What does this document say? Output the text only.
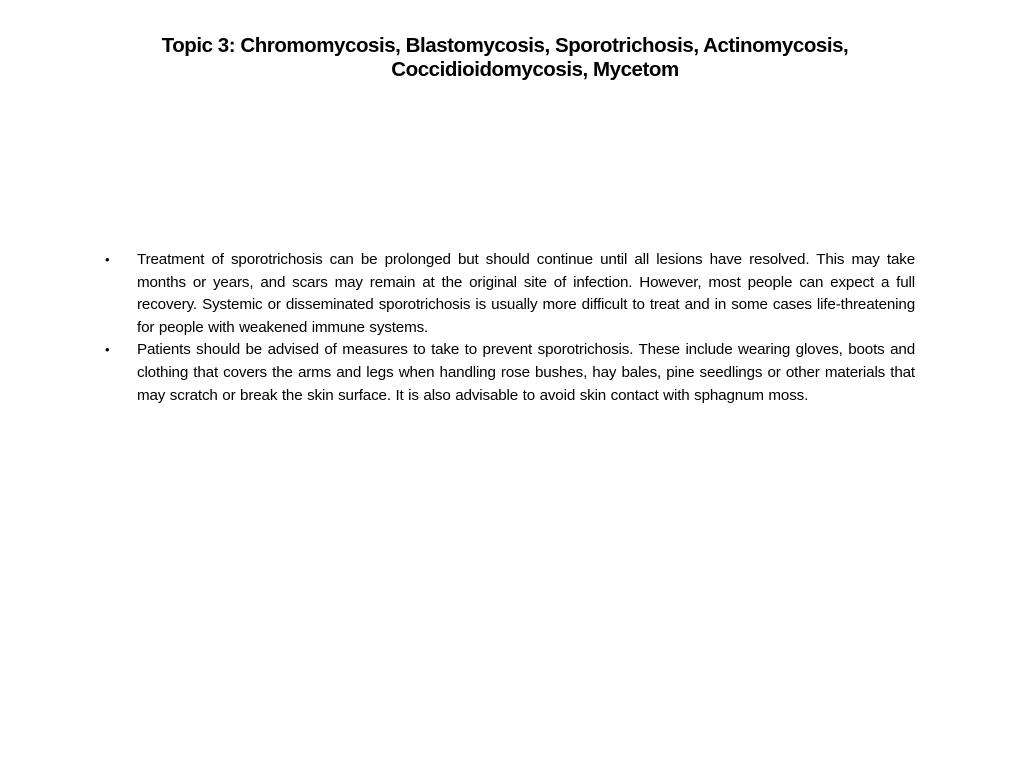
Topic 3: Chromomycosis, Blastomycosis, Sporotrichosis, Actinomycosis,
Coccidioidomycosis, Mycetom
• Treatment of sporotrichosis can be prolonged but should continue until all lesions have resolved. This may take months or years, and scars may remain at the original site of infection. However, most people can expect a full recovery. Systemic or disseminated sporotrichosis is usually more difficult to treat and in some cases life-threatening for people with weakened immune systems.
• Patients should be advised of measures to take to prevent sporotrichosis. These include wearing gloves, boots and clothing that covers the arms and legs when handling rose bushes, hay bales, pine seedlings or other materials that may scratch or break the skin surface. It is also advisable to avoid skin contact with sphagnum moss.
